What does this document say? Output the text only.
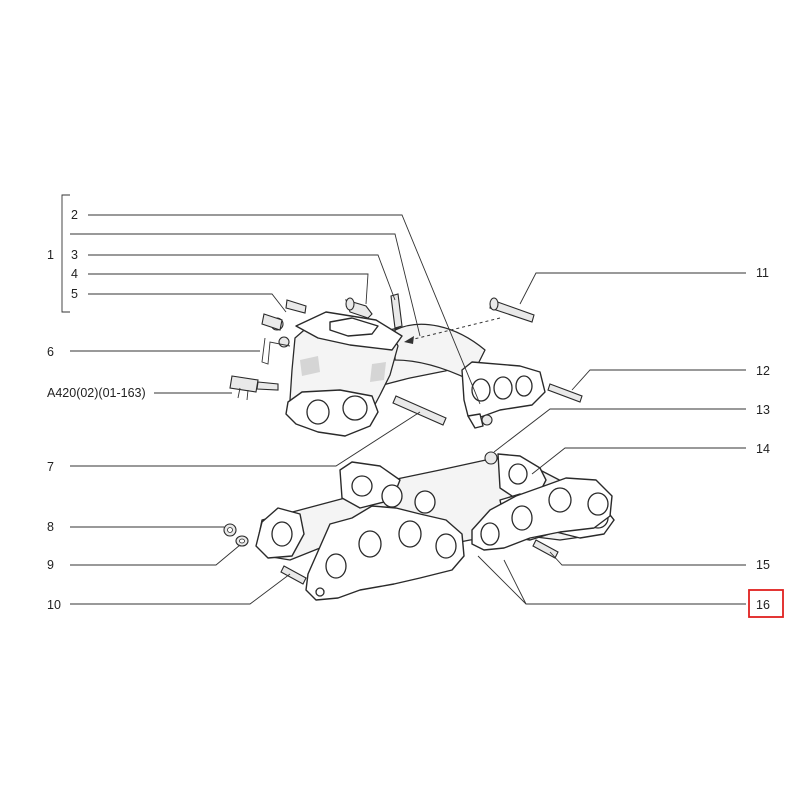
1
2
3
4
5
6
A420(02)(01-163)
7
8
9
10
11
12
13
14
15
16
